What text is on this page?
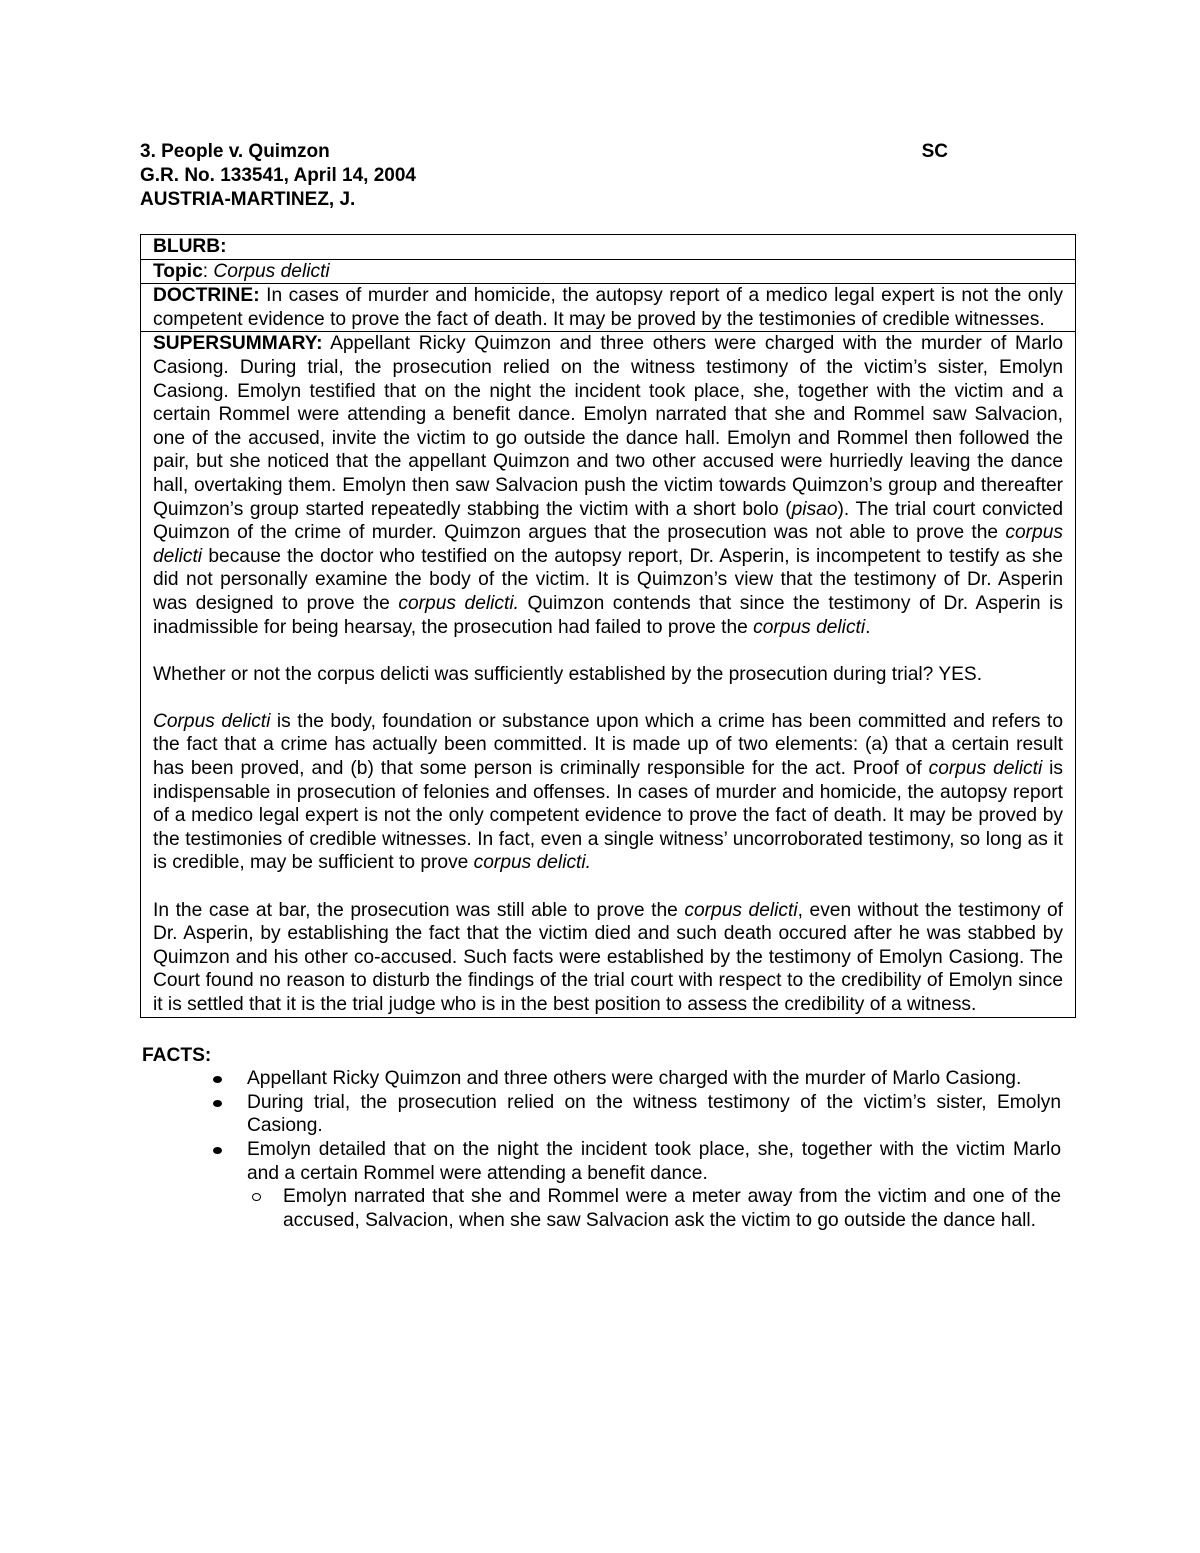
3. People v. Quimzon	SC
G.R. No. 133541, April 14, 2004
AUSTRIA-MARTINEZ, J.
BLURB:
Topic: Corpus delicti
DOCTRINE: In cases of murder and homicide, the autopsy report of a medico legal expert is not the only competent evidence to prove the fact of death. It may be proved by the testimonies of credible witnesses.

SUPERSUMMARY: Appellant Ricky Quimzon and three others were charged with the murder of Marlo Casiong. During trial, the prosecution relied on the witness testimony of the victim’s sister, Emolyn Casiong. Emolyn testified that on the night the incident took place, she, together with the victim and a certain Rommel were attending a benefit dance. Emolyn narrated that she and Rommel saw Salvacion, one of the accused, invite the victim to go outside the dance hall. Emolyn and Rommel then followed the pair, but she noticed that the appellant Quimzon and two other accused were hurriedly leaving the dance hall, overtaking them. Emolyn then saw Salvacion push the victim towards Quimzon’s group and thereafter Quimzon’s group started repeatedly stabbing the victim with a short bolo (pisao). The trial court convicted Quimzon of the crime of murder. Quimzon argues that the prosecution was not able to prove the corpus delicti because the doctor who testified on the autopsy report, Dr. Asperin, is incompetent to testify as she did not personally examine the body of the victim. It is Quimzon’s view that the testimony of Dr. Asperin was designed to prove the corpus delicti. Quimzon contends that since the testimony of Dr. Asperin is inadmissible for being hearsay, the prosecution had failed to prove the corpus delicti.

Whether or not the corpus delicti was sufficiently established by the prosecution during trial? YES.

Corpus delicti is the body, foundation or substance upon which a crime has been committed and refers to the fact that a crime has actually been committed. It is made up of two elements: (a) that a certain result has been proved, and (b) that some person is criminally responsible for the act. Proof of corpus delicti is indispensable in prosecution of felonies and offenses. In cases of murder and homicide, the autopsy report of a medico legal expert is not the only competent evidence to prove the fact of death. It may be proved by the testimonies of credible witnesses. In fact, even a single witness’ uncorroborated testimony, so long as it is credible, may be sufficient to prove corpus delicti.

In the case at bar, the prosecution was still able to prove the corpus delicti, even without the testimony of Dr. Asperin, by establishing the fact that the victim died and such death occured after he was stabbed by Quimzon and his other co-accused. Such facts were established by the testimony of Emolyn Casiong. The Court found no reason to disturb the findings of the trial court with respect to the credibility of Emolyn since it is settled that it is the trial judge who is in the best position to assess the credibility of a witness.

FACTS:
Appellant Ricky Quimzon and three others were charged with the murder of Marlo Casiong.
During trial, the prosecution relied on the witness testimony of the victim’s sister, Emolyn Casiong.
Emolyn detailed that on the night the incident took place, she, together with the victim Marlo and a certain Rommel were attending a benefit dance.
Emolyn narrated that she and Rommel were a meter away from the victim and one of the accused, Salvacion, when she saw Salvacion ask the victim to go outside the dance hall.
